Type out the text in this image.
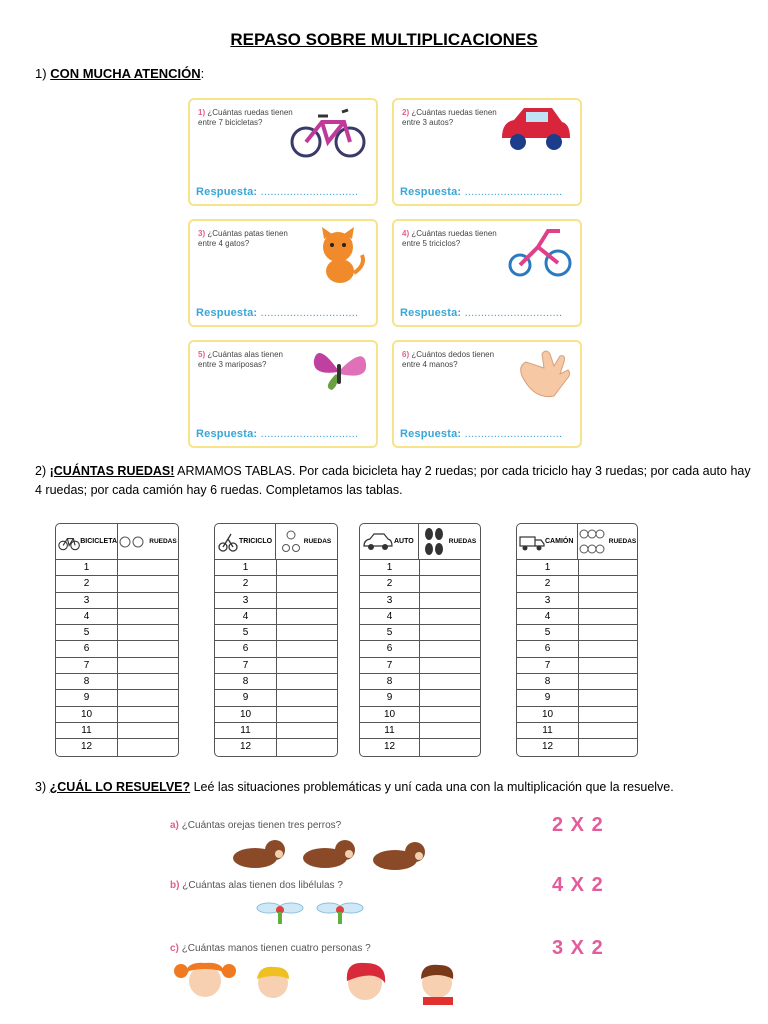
REPASO SOBRE MULTIPLICACIONES
1) CON MUCHA ATENCIÓN:
1) ¿Cuántas ruedas tienen entre 7 bicicletas?
Respuesta: ..............................
2) ¿Cuántas ruedas tienen entre 3 autos?
Respuesta: ..............................
3) ¿Cuántas patas tienen entre 4 gatos?
Respuesta: ..............................
4) ¿Cuántas ruedas tienen entre 5 triciclos?
Respuesta: ..............................
5) ¿Cuántas alas tienen entre 3 mariposas?
Respuesta: ..............................
6) ¿Cuántos dedos tienen entre 4 manos?
Respuesta: ..............................
2) ¡CUÁNTAS RUEDAS! ARMAMOS TABLAS. Por cada bicicleta hay 2 ruedas; por cada triciclo hay 3 ruedas; por cada auto hay 4 ruedas; por cada camión hay 6 ruedas. Completamos las tablas.
BICICLETA	RUEDAS
1
2
3
4
5
6
7
8
9
10
11
12
TRICICLO	RUEDAS
1
2
3
4
5
6
7
8
9
10
11
12
AUTO	RUEDAS
1
2
3
4
5
6
7
8
9
10
11
12
CAMIÓN	RUEDAS
1
2
3
4
5
6
7
8
9
10
11
12
3) ¿CUÁL LO RESUELVE? Leé las situaciones problemáticas y uní cada una con la multiplicación que la resuelve.
a) ¿Cuántas orejas tienen tres perros?	2 X 2
b) ¿Cuántas alas tienen dos libélulas ?	4 X 2
c) ¿Cuántas manos tienen cuatro personas ?	3 X 2
